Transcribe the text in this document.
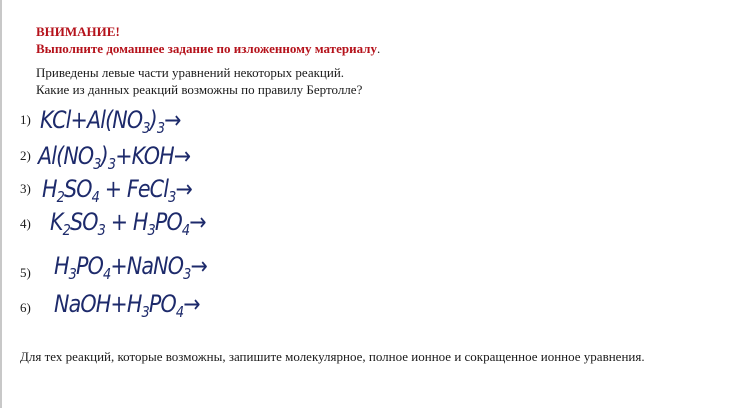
ВНИМАНИЕ!

Выполните домашнее задание по изложенному материалу.

Приведены левые части уравнений некоторых реакций.

Какие из данных реакций возможны по правилу Бертолле?

1) $KCl+Al(NO_3)_3\to$
2) $Al(NO_3)_3+KOH\to$
3) $H_2SO_4$ + FeCl$_3$→
4) $K_2SO_3 + H_3PO_4\to$
5) $H_3PO_4+NaNO_3\to$
6) $NaOH+H_3PO_4\to$

Для тех реакций, которые возможны, запишите молекулярное, полное ионное и сокращенное ионное уравнения.
